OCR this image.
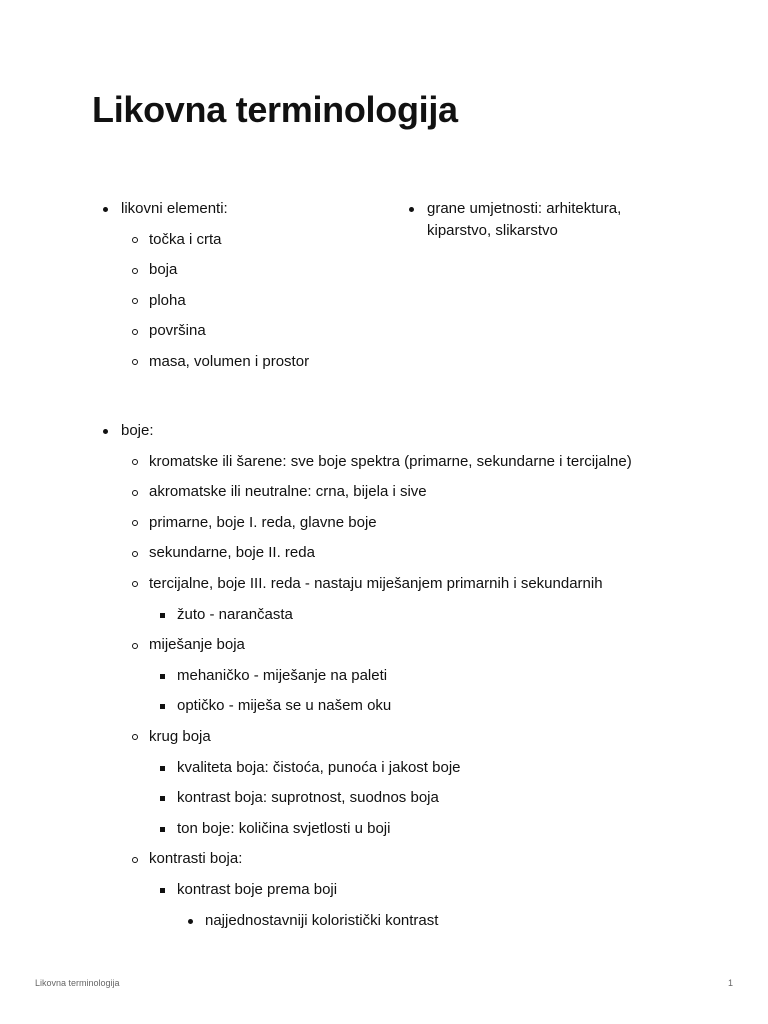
Likovna terminologija
likovni elementi:
točka i crta
boja
ploha
površina
masa, volumen i prostor
grane umjetnosti: arhitektura, kiparstvo, slikarstvo
boje:
kromatske ili šarene: sve boje spektra (primarne, sekundarne i tercijalne)
akromatske ili neutralne: crna, bijela i sive
primarne, boje I. reda, glavne boje
sekundarne, boje II. reda
tercijalne, boje III. reda - nastaju miješanjem primarnih i sekundarnih
žuto - narančasta
miješanje boja
mehaničko - miješanje na paleti
optičko - miješa se u našem oku
krug boja
kvaliteta boja: čistoća, punoća i jakost boje
kontrast boja: suprotnost, suodnos boja
ton boje: količina svjetlosti u boji
kontrasti boja:
kontrast boje prema boji
najjednostavniji koloristički kontrast
Likovna terminologija	1
